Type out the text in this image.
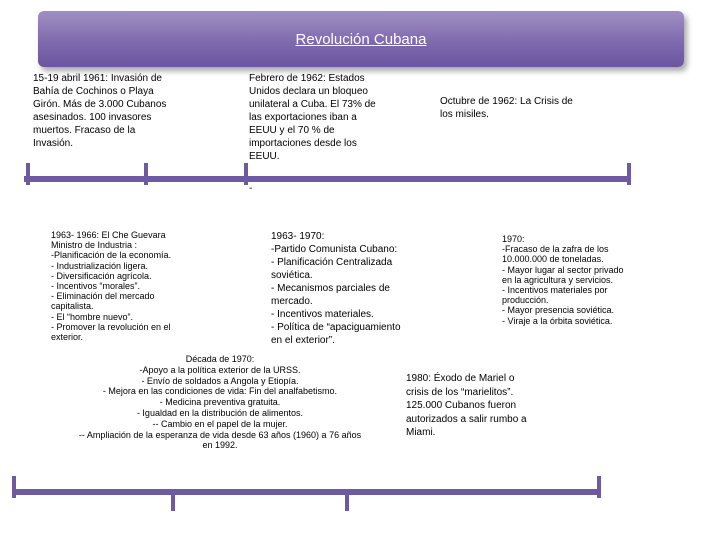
Revolución Cubana
15-19 abril 1961: Invasión de
Bahía de Cochinos o Playa
Girón. Más de 3.000 Cubanos
asesinados. 100 invasores
muertos. Fracaso de la
Invasión.
Febrero de 1962: Estados
Unidos declara un bloqueo
unilateral a Cuba. El 73% de
las exportaciones iban a
EEUU y el 70 % de
importaciones desde los
EEUU.
-
Octubre de 1962: La Crisis de
los misiles.
1963- 1966: El Che Guevara
Ministro de Industria :
-Planificación de la economía.
- Industrialización ligera.
- Diversificación agrícola.
- Incentivos “morales”.
- Eliminación del mercado
capitalista.
- El “hombre nuevo”.
- Promover la revolución en el
exterior.
1963- 1970:
-Partido Comunista Cubano:
- Planificación Centralizada
soviética.
- Mecanismos parciales de
mercado.
- Incentivos materiales.
- Política de “apaciguamiento
en el exterior”.
1970:
-Fracaso de la zafra de los
10.000.000 de toneladas.
- Mayor lugar al sector privado
en la agricultura y servicios.
- Incentivos materiales por
producción.
- Mayor presencia soviética.
- Viraje a la órbita soviética.
Década de 1970:
-Apoyo a la política exterior de la URSS.
- Envío de soldados a Angola y Etiopía.
- Mejora en las condiciones de vida: Fin del analfabetismo.
- Medicina preventiva gratuita.
- Igualdad en la distribución de alimentos.
-- Cambio en el papel de la mujer.
-- Ampliación de la esperanza de vida desde 63 años (1960) a 76 años
en 1992.
1980: Éxodo de Mariel o
crisis de los “marielitos”.
125.000 Cubanos fueron
autorizados a salir rumbo a
Miami.
